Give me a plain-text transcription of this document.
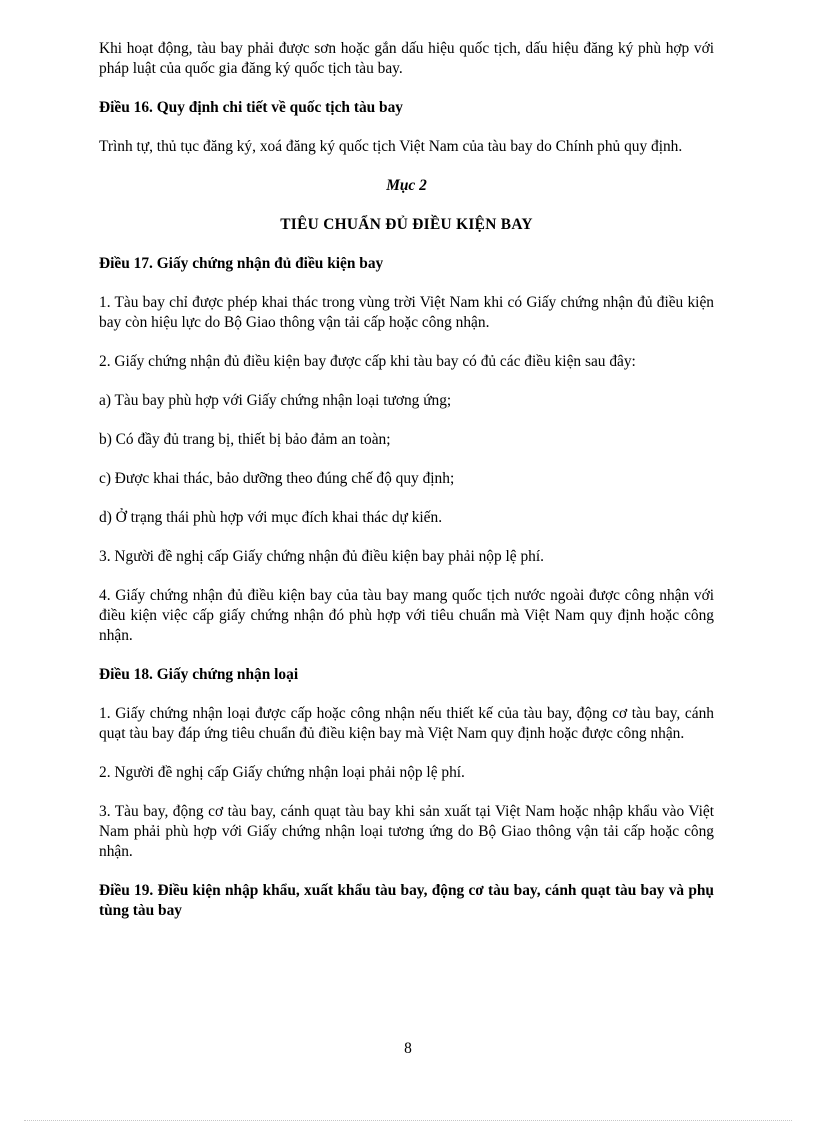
Khi hoạt động, tàu bay phải được sơn hoặc gắn dấu hiệu quốc tịch, dấu hiệu đăng ký phù hợp với pháp luật của quốc gia đăng ký quốc tịch tàu bay.

Điều 16. Quy định chi tiết về quốc tịch tàu bay

Trình tự, thủ tục đăng ký, xoá đăng ký quốc tịch Việt Nam của tàu bay do Chính phủ quy định.

Mục 2

TIÊU CHUẨN ĐỦ ĐIỀU KIỆN BAY

Điều 17. Giấy chứng nhận đủ điều kiện bay

1. Tàu bay chỉ được phép khai thác trong vùng trời Việt Nam khi có Giấy chứng nhận đủ điều kiện bay còn hiệu lực do Bộ Giao thông vận tải cấp hoặc công nhận.

2. Giấy chứng nhận đủ điều kiện bay được cấp khi tàu bay có đủ các điều kiện sau đây:

a) Tàu bay phù hợp với Giấy chứng nhận loại tương ứng;

b) Có đầy đủ trang bị, thiết bị bảo đảm an toàn;

c) Được khai thác, bảo dưỡng theo đúng chế độ quy định;

d) Ở trạng thái phù hợp với mục đích khai thác dự kiến.

3. Người đề nghị cấp Giấy chứng nhận đủ điều kiện bay phải nộp lệ phí.

4. Giấy chứng nhận đủ điều kiện bay của tàu bay mang quốc tịch nước ngoài được công nhận với điều kiện việc cấp giấy chứng nhận đó phù hợp với tiêu chuẩn mà Việt Nam quy định hoặc công nhận.

Điều 18. Giấy chứng nhận loại

1. Giấy chứng nhận loại được cấp hoặc công nhận nếu thiết kế của tàu bay, động cơ tàu bay, cánh quạt tàu bay đáp ứng tiêu chuẩn đủ điều kiện bay mà Việt Nam quy định hoặc được công nhận.

2. Người đề nghị cấp Giấy chứng nhận loại phải nộp lệ phí.

3. Tàu bay, động cơ tàu bay, cánh quạt tàu bay khi sản xuất tại Việt Nam hoặc nhập khẩu vào Việt Nam phải phù hợp với Giấy chứng nhận loại tương ứng do Bộ Giao thông vận tải cấp hoặc công nhận.

Điều 19. Điều kiện nhập khẩu, xuất khẩu tàu bay, động cơ tàu bay, cánh quạt tàu bay và phụ tùng tàu bay

8
